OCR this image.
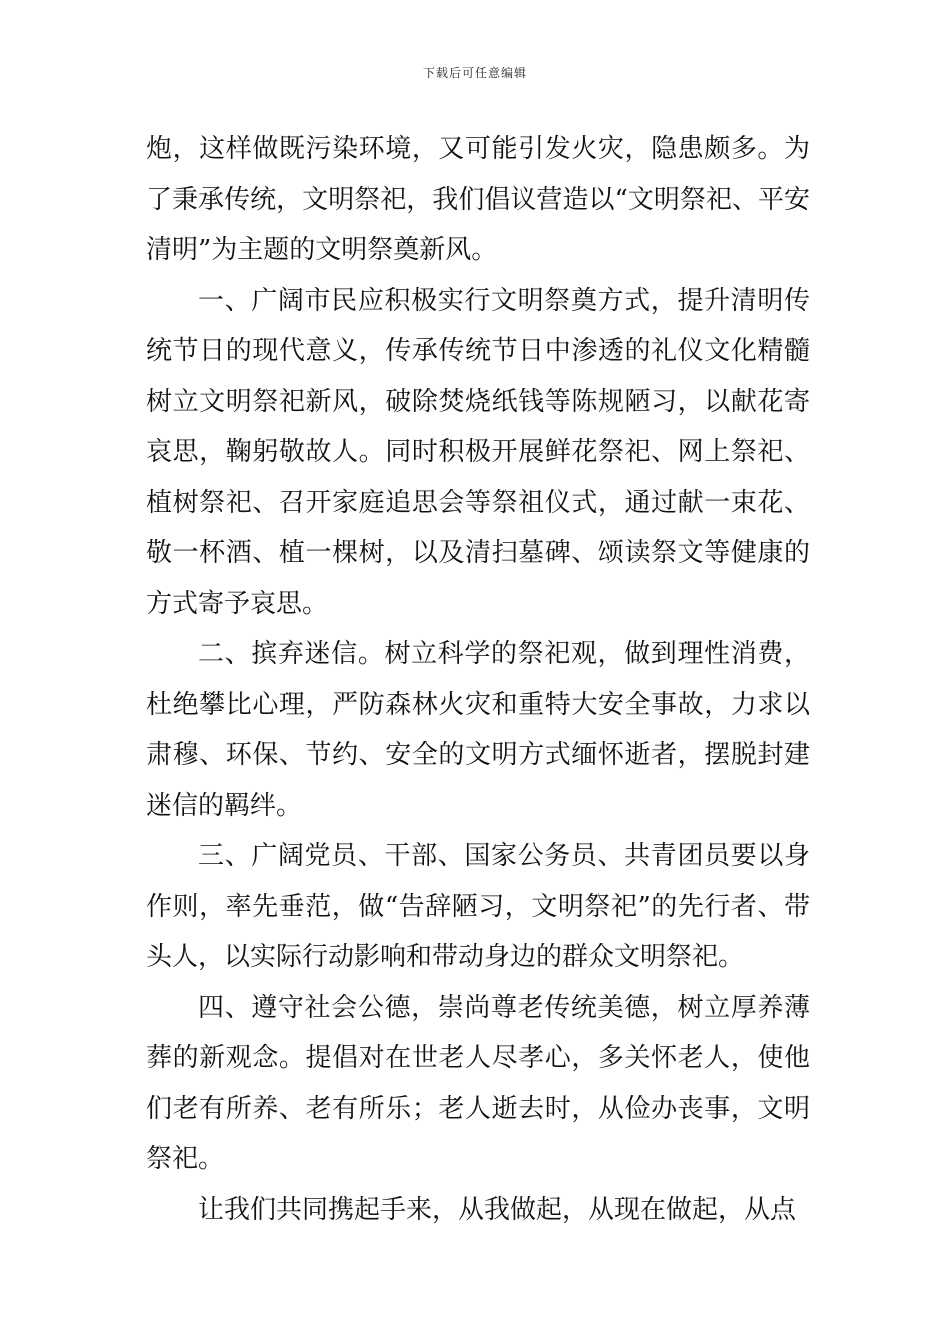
下载后可任意编辑

炮，这样做既污染环境，又可能引发火灾，隐患颇多。为了秉承传统，文明祭祀，我们倡议营造以“文明祭祀、平安清明”为主题的文明祭奠新风。

一、广阔市民应积极实行文明祭奠方式，提升清明传统节日的现代意义，传承传统节日中渗透的礼仪文化精髓树立文明祭祀新风，破除焚烧纸钱等陈规陋习，以献花寄哀思，鞠躬敬故人。同时积极开展鲜花祭祀、网上祭祀、植树祭祀、召开家庭追思会等祭祖仪式，通过献一束花、敬一杯酒、植一棵树，以及清扫墓碑、颂读祭文等健康的方式寄予哀思。

二、摈弃迷信。树立科学的祭祀观，做到理性消费，杜绝攀比心理，严防森林火灾和重特大安全事故，力求以肃穆、环保、节约、安全的文明方式缅怀逝者，摆脱封建迷信的羁绊。

三、广阔党员、干部、国家公务员、共青团员要以身作则，率先垂范，做“告辞陋习，文明祭祀”的先行者、带头人，以实际行动影响和带动身边的群众文明祭祀。

四、遵守社会公德，崇尚尊老传统美德，树立厚养薄葬的新观念。提倡对在世老人尽孝心，多关怀老人，使他们老有所养、老有所乐；老人逝去时，从俭办丧事，文明祭祀。

让我们共同携起手来，从我做起，从现在做起，从点
